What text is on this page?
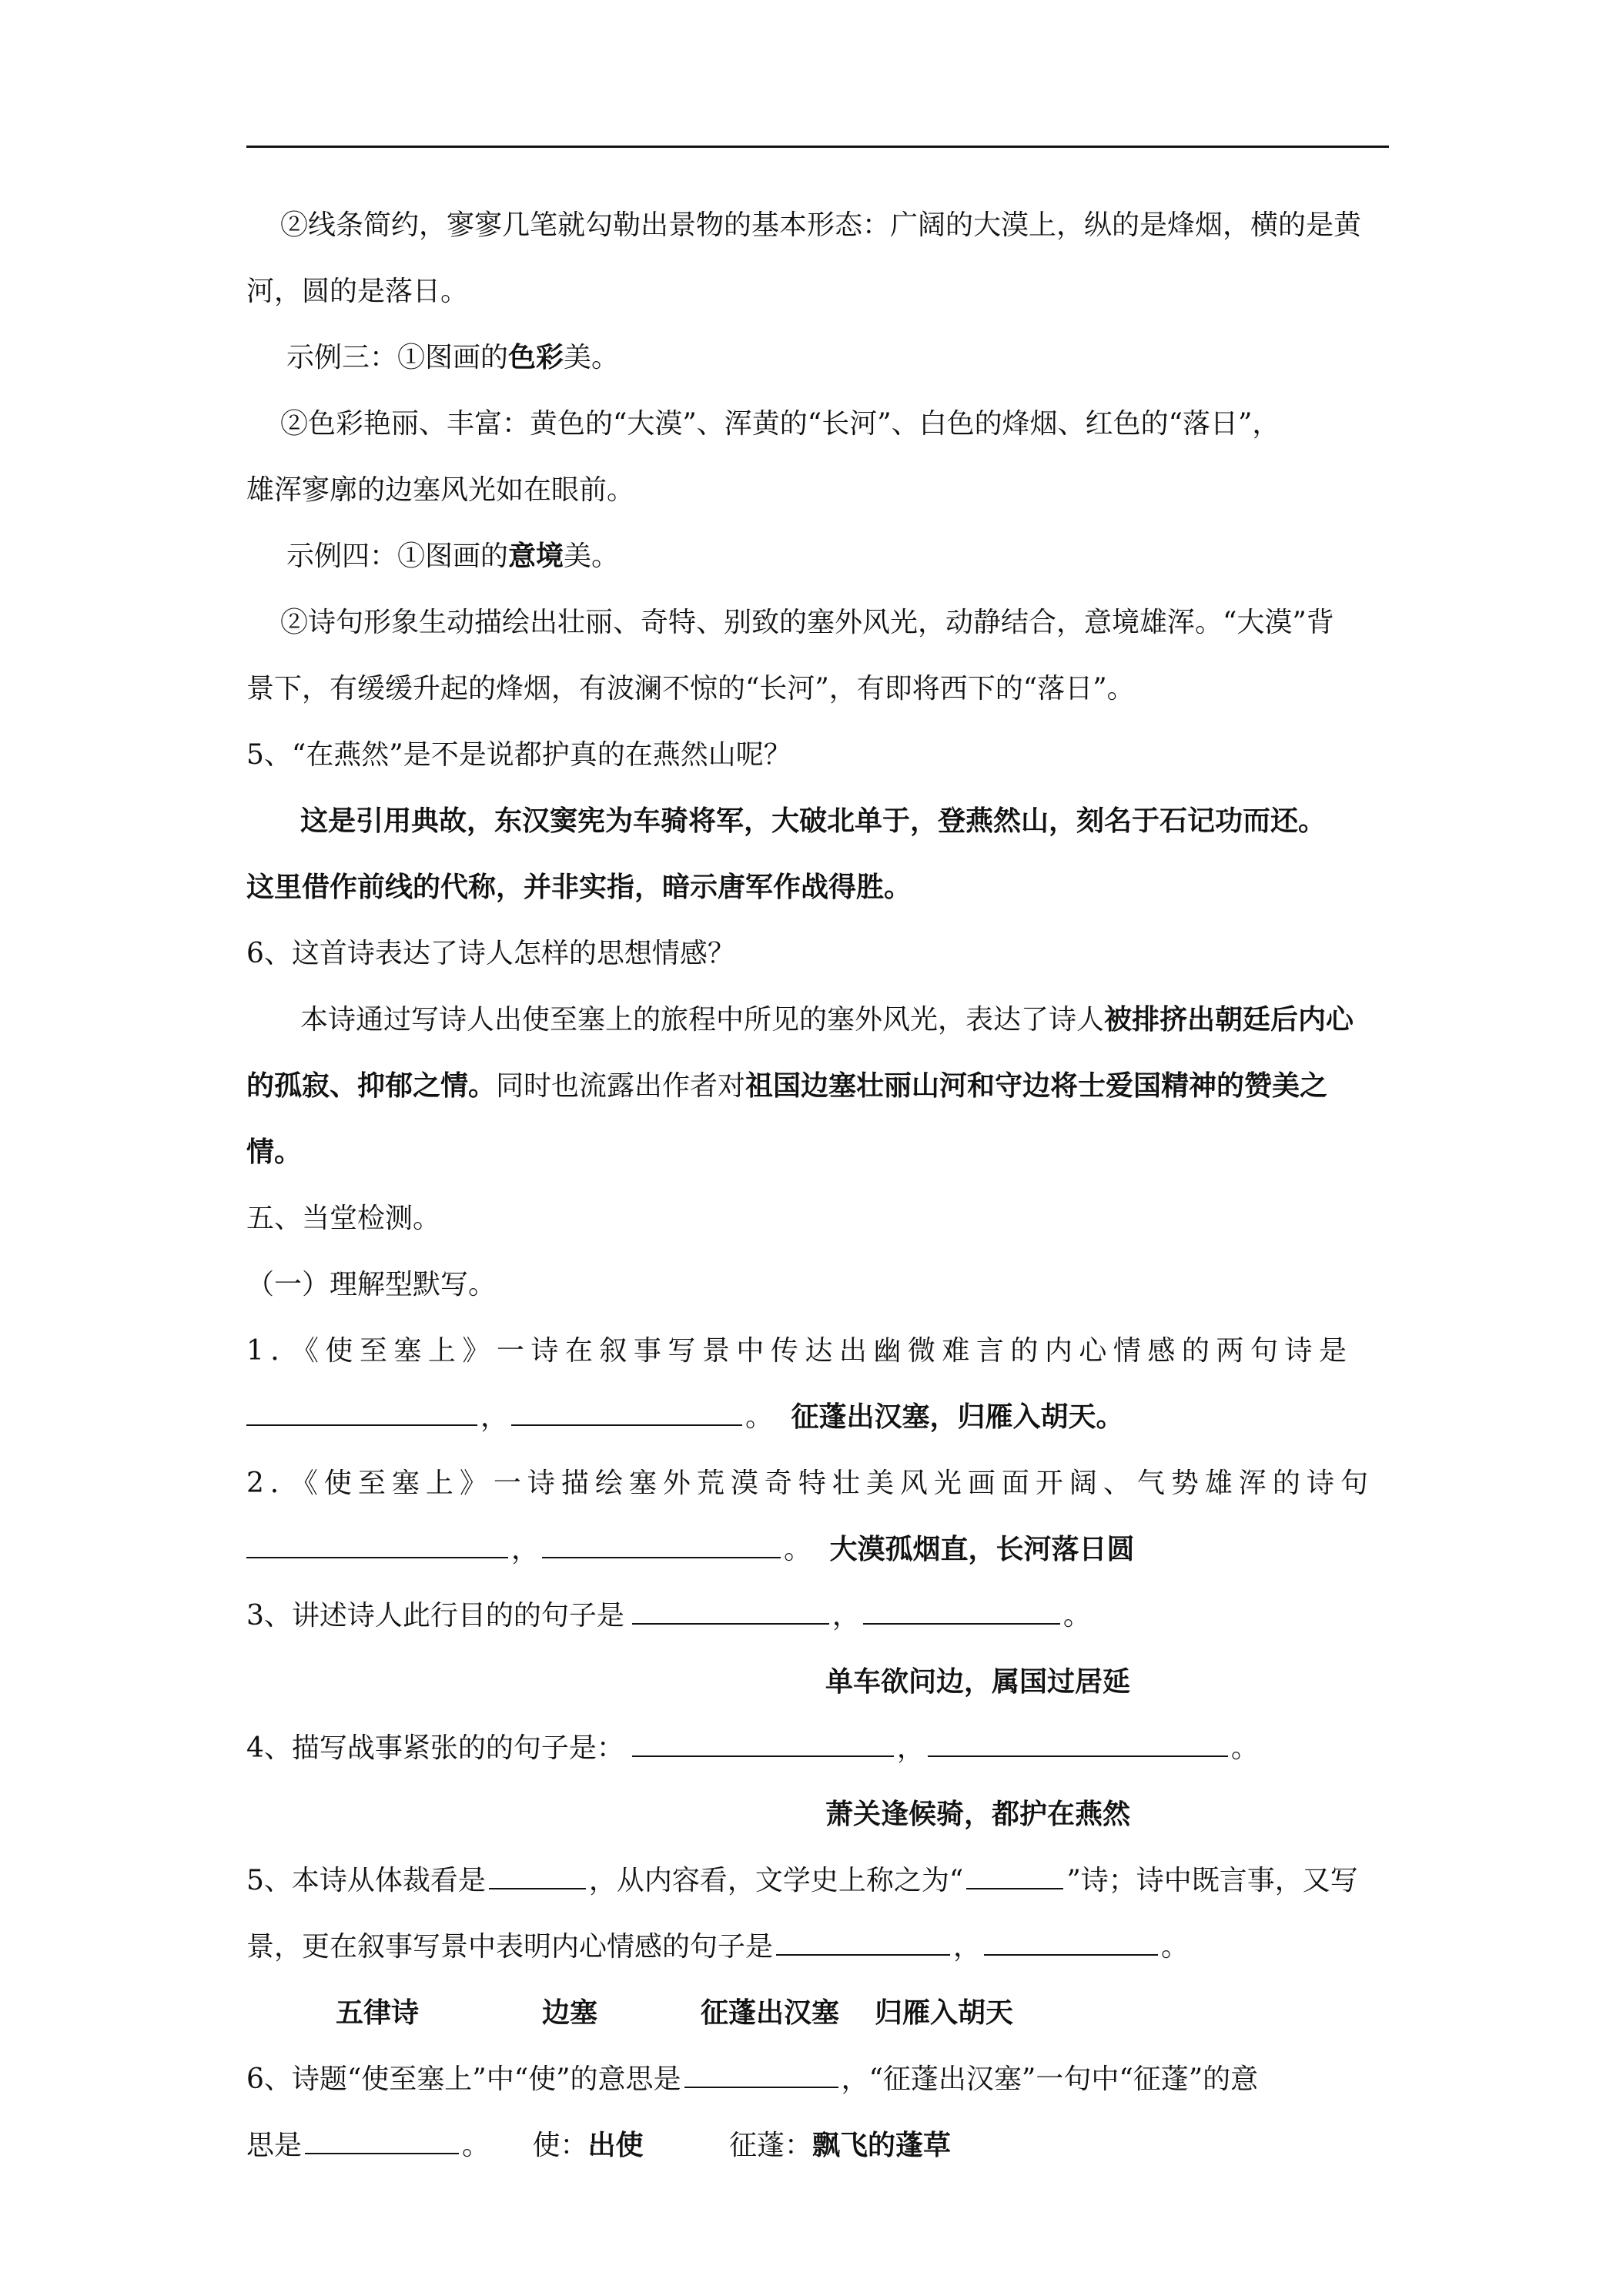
②线条简约，寥寥几笔就勾勒出景物的基本形态：广阔的大漠上，纵的是烽烟，横的是黄
河，圆的是落日。
示例三：①图画的色彩美。
②色彩艳丽、丰富：黄色的“大漠”、浑黄的“长河”、白色的烽烟、红色的“落日”，
雄浑寥廓的边塞风光如在眼前。
示例四：①图画的意境美。
②诗句形象生动描绘出壮丽、奇特、别致的塞外风光，动静结合，意境雄浑。“大漠”背
景下，有缓缓升起的烽烟，有波澜不惊的“长河”，有即将西下的“落日”。
5、“在燕然”是不是说都护真的在燕然山呢？
这是引用典故，东汉窦宪为车骑将军，大破北单于，登燕然山，刻名于石记功而还。
这里借作前线的代称，并非实指，暗示唐军作战得胜。
6、这首诗表达了诗人怎样的思想情感？
本诗通过写诗人出使至塞上的旅程中所见的塞外风光，表达了诗人被排挤出朝廷后内心
的孤寂、抑郁之情。同时也流露出作者对祖国边塞壮丽山河和守边将士爱国精神的赞美之
情。
五、当堂检测。
（一）理解型默写。
1．《使至塞上》一诗在叙事写景中传达出幽微难言的内心情感的两句诗是
，	。 征蓬出汉塞，归雁入胡天。
2．《使至塞上》一诗描绘塞外荒漠奇特壮美风光画面开阔、气势雄浑的诗句
，	。 大漠孤烟直，长河落日圆
3、讲述诗人此行目的的句子是	，	。
单车欲问边，属国过居延
4、描写战事紧张的的句子是：	，	。
萧关逢候骑，都护在燕然
5、本诗从体裁看是	，从内容看，文学史上称之为“	”诗；诗中既言事，又写
景，更在叙事写景中表明内心情感的句子是	，	。
五律诗	边塞	征蓬出汉塞 归雁入胡天
6、诗题“使至塞上”中“使”的意思是	，“征蓬出汉塞”一句中“征蓬”的意
思是	。 使：出使	征蓬：飘飞的蓬草
